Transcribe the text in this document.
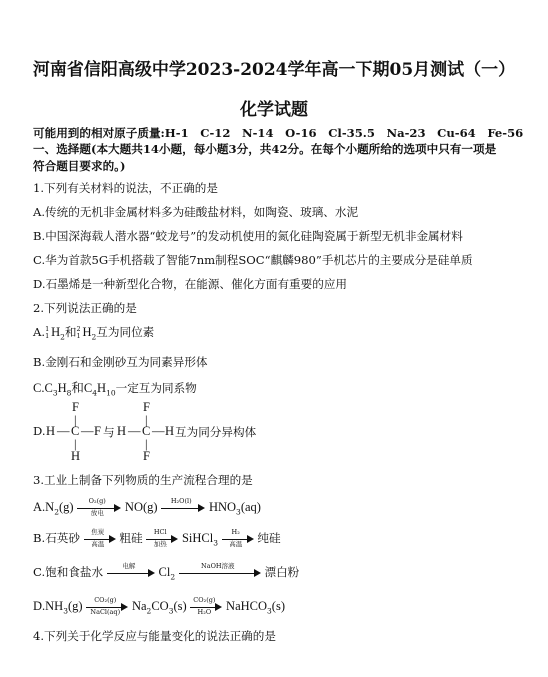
河南省信阳高级中学2023-2024学年高一下期05月测试（一）
化学试题
可能用到的相对原子质量:H-1　C-12　N-14　O-16　Cl-35.5　Na-23　Cu-64　Fe-56
一、选择题(本大题共14小题，每小题3分，共42分。在每个小题所给的选项中只有一项是
符合题目要求的。)
1.下列有关材料的说法，不正确的是
A.传统的无机非金属材料多为硅酸盐材料，如陶瓷、玻璃、水泥
B.中国深海载人潜水器“蛟龙号”的发动机使用的氮化硅陶瓷属于新型无机非金属材料
C.华为首款5G手机搭载了智能7nm制程SOC“麒麟980”手机芯片的主要成分是硅单质
D.石墨烯是一种新型化合物，在能源、催化方面有重要的应用
2.下列说法正确的是
A. 1
1 $H_2$和 2
1 $H_2$互为同位素
B.金刚石和金刚砂互为同素异形体
$C.C_3H_8$和$C_4H_{10}$一定互为同系物
D.
F
|
H — C — F
|
H
与
F
|
H — C — H
|
F
互为同分异构体
3.工业上制备下列物质的生产流程合理的是
$A.N_2(g)$	O₂(g)
放电	NO(g)	H₂O(l)	$HNO_3(aq)$
B.石英砂	焦炭
高温	粗硅	HCl
加热	SiHCl$_3$
H₂
高温	纯硅
C.饱和食盐水	电解	$Cl_2$
NaOH溶液	漂白粉
$D.NH_3(g)$	CO₂(g)
NaCl(aq) $Na_2CO_3(s) \frac{\text{CO₂(g)}}{\text{H₂O}}$ NaHCO$_3$(s)
4.下列关于化学反应与能量变化的说法正确的是
